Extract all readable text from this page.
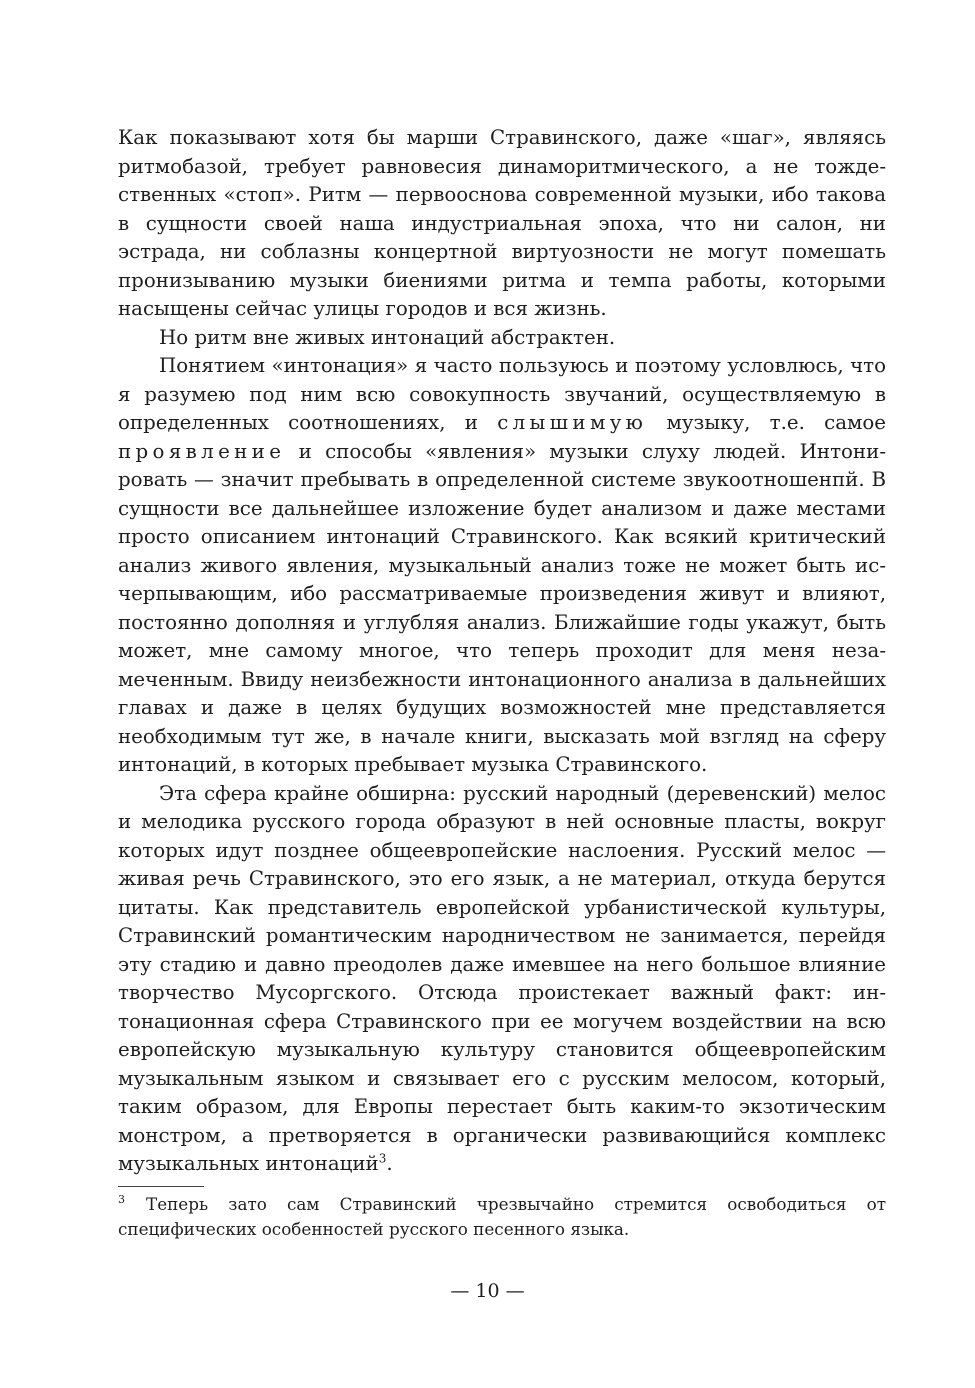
Как показывают хотя бы марши Стравинского, даже «шаг», являясь ритмобазой, требует равновесия динаморитмического, а не тождественных «стоп». Ритм — первооснова современной музыки, ибо такова в сущности своей наша индустриальная эпоха, что ни салон, ни эстрада, ни соблазны концертной виртуозности не могут помешать пронизыванию музыки биениями ритма и темпа работы, которыми насыщены сейчас улицы городов и вся жизнь.

Но ритм вне живых интонаций абстрактен.

Понятием «интонация» я часто пользуюсь и поэтому условлюсь, что я разумею под ним всю совокупность звучаний, осуществляемую в определенных соотношениях, и слышимую музыку, т.е. самое проявление и способы «явления» музыки слуху людей. Интонировать — значит пребывать в определенной системе звукоотношенпй. В сущности все дальнейшее изложение будет анализом и даже местами просто описанием интонаций Стравинского. Как всякий критический анализ живого явления, музыкальный анализ тоже не может быть исчерпывающим, ибо рассматриваемые произведения живут и влияют, постоянно дополняя и углубляя анализ. Ближайшие годы укажут, быть может, мне самому многое, что теперь проходит для меня незамеченным. Ввиду неизбежности интонационного анализа в дальнейших главах и даже в целях будущих возможностей мне представляется необходимым тут же, в начале книги, высказать мой взгляд на сферу интонаций, в которых пребывает музыка Стравинского.

Эта сфера крайне обширна: русский народный (деревенский) мелос и мелодика русского города образуют в ней основные пласты, вокруг которых идут позднее общеевропейские наслоения. Русский мелос — живая речь Стравинского, это его язык, а не материал, откуда берутся цитаты. Как представитель европейской урбанистической культуры, Стравинский романтическим народничеством не занимается, перейдя эту стадию и давно преодолев даже имевшее на него большое влияние творчество Мусоргского. Отсюда проистекает важный факт: интонационная сфера Стравинского при ее могучем воздействии на всю европейскую музыкальную культуру становится общеевропейским музыкальным языком и связывает его с русским мелосом, который, таким образом, для Европы перестает быть каким-то экзотическим монстром, а претворяется в органически развивающийся комплекс музыкальных интонаций$^3$.

3 Теперь зато сам Стравинский чрезвычайно стремится освободиться от специфических особенностей русского песенного языка.
— 10 —
